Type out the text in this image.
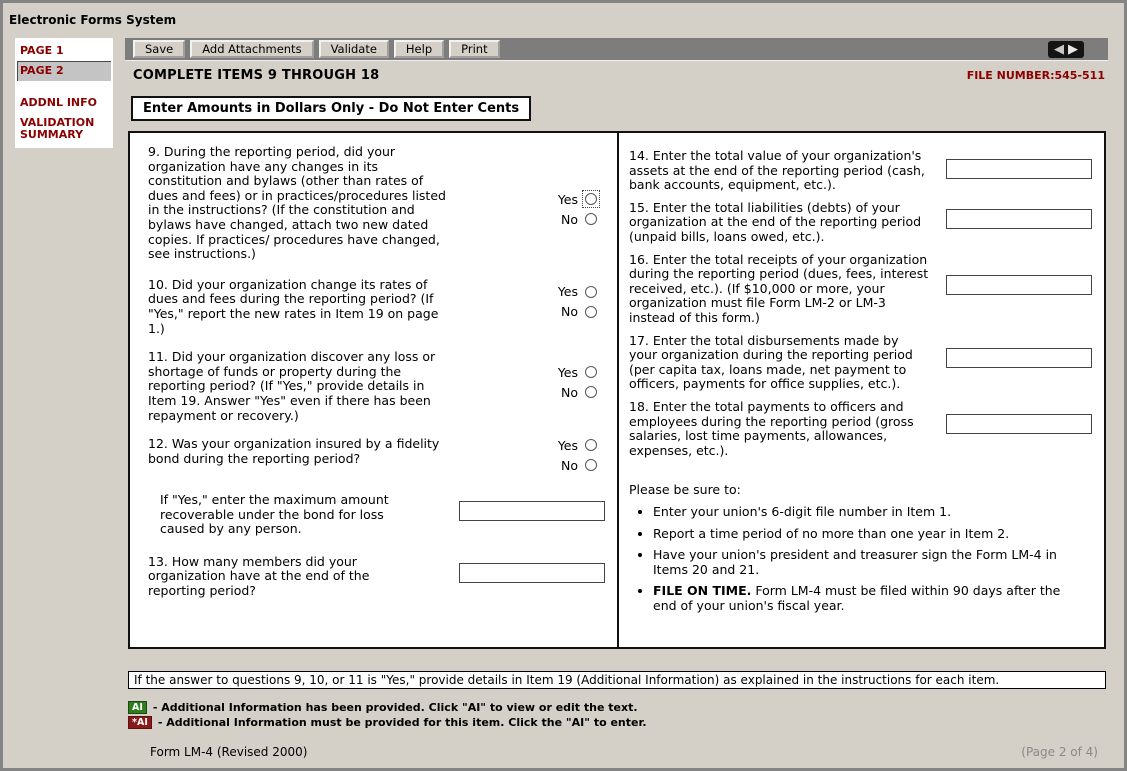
Electronic Forms System
PAGE 1
PAGE 2
ADDNL INFO
VALIDATION SUMMARY
Save	Add Attachments	Validate	Help	Print	◀ ▶
COMPLETE ITEMS 9 THROUGH 18	FILE NUMBER:545-511
Enter Amounts in Dollars Only - Do Not Enter Cents
9. During the reporting period, did your organization have any changes in its constitution and bylaws (other than rates of dues and fees) or in practices/procedures listed in the instructions? (If the constitution and bylaws have changed, attach two new dated copies. If practices/ procedures have changed, see instructions.)
Yes
No
10. Did your organization change its rates of dues and fees during the reporting period? (If "Yes," report the new rates in Item 19 on page 1.)
Yes
No
11. Did your organization discover any loss or shortage of funds or property during the reporting period? (If "Yes," provide details in Item 19. Answer "Yes" even if there has been repayment or recovery.)
Yes
No
12. Was your organization insured by a fidelity bond during the reporting period?
Yes
No
If "Yes," enter the maximum amount recoverable under the bond for loss caused by any person.
13. How many members did your organization have at the end of the reporting period?
14. Enter the total value of your organization's assets at the end of the reporting period (cash, bank accounts, equipment, etc.).
15. Enter the total liabilities (debts) of your organization at the end of the reporting period (unpaid bills, loans owed, etc.).
16. Enter the total receipts of your organization during the reporting period (dues, fees, interest received, etc.). (If $10,000 or more, your organization must file Form LM-2 or LM-3 instead of this form.)
17. Enter the total disbursements made by your organization during the reporting period (per capita tax, loans made, net payment to officers, payments for office supplies, etc.).
18. Enter the total payments to officers and employees during the reporting period (gross salaries, lost time payments, allowances, expenses, etc.).
Please be sure to:
• Enter your union's 6-digit file number in Item 1.
• Report a time period of no more than one year in Item 2.
• Have your union's president and treasurer sign the Form LM-4 in Items 20 and 21.
• FILE ON TIME. Form LM-4 must be filed within 90 days after the end of your union's fiscal year.
If the answer to questions 9, 10, or 11 is "Yes," provide details in Item 19 (Additional Information) as explained in the instructions for each item.
AI - Additional Information has been provided. Click "AI" to view or edit the text.
*AI - Additional Information must be provided for this item. Click the "AI" to enter.
Form LM-4 (Revised 2000)	(Page 2 of 4)
